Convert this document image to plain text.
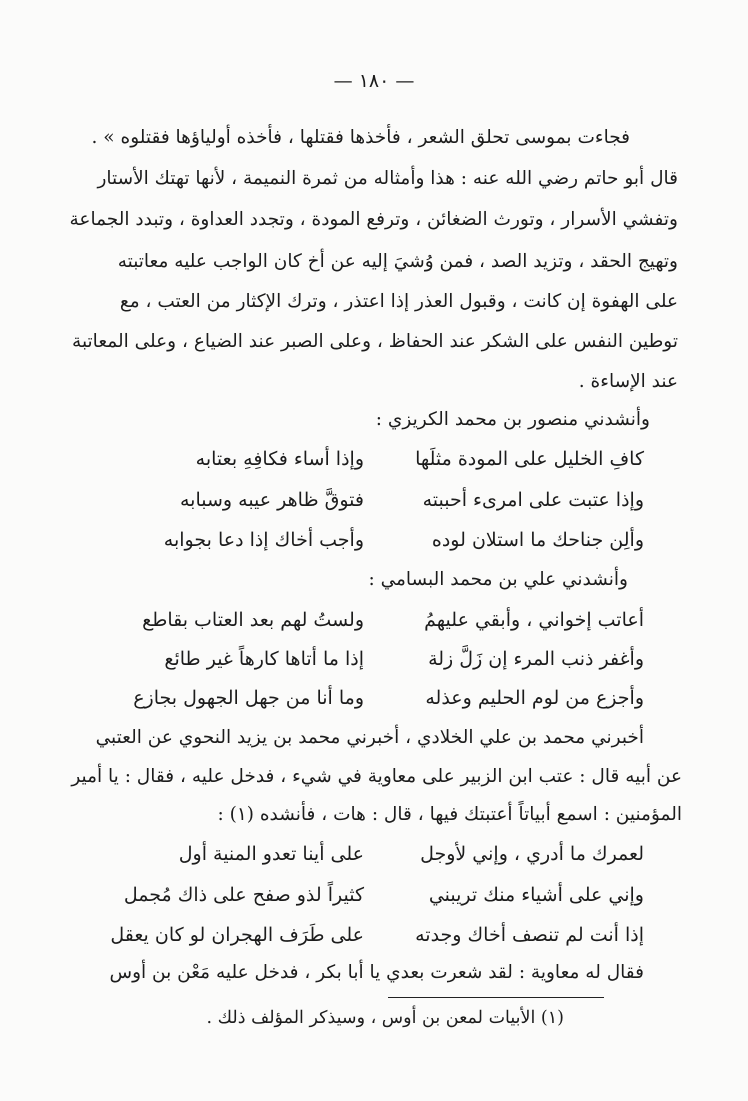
— ١٨٠ —
فجاءت بموسى تحلق الشعر ، فأخذها فقتلها ، فأخذه أولياؤها فقتلوه » .
قال أبو حاتم رضي الله عنه : هذا وأمثاله من ثمرة النميمة ، لأنها تهتك الأستار
وتفشي الأسرار ، وتورث الضغائن ، وترفع المودة ، وتجدد العداوة ، وتبدد الجماعة
وتهيج الحقد ، وتزيد الصد ، فمن وُشيَ إليه عن أخ كان الواجب عليه معاتبته
على الهفوة إن كانت ، وقبول العذر إذا اعتذر ، وترك الإكثار من العتب ، مع
توطين النفس على الشكر عند الحفاظ ، وعلى الصبر عند الضياع ، وعلى المعاتبة
عند الإساءة .
وأنشدني منصور بن محمد الكريزي :
كافِ الخليل على المودة مثلَها
وإذا أساء فكافِهِ بعتابه
وإذا عتبت على امرىء أحببته
فتوقَّ ظاهر عيبه وسبابه
وألِن جناحك ما استلان لوده
وأجب أخاك إذا دعا بجوابه
وأنشدني علي بن محمد البسامي :
أعاتب إخواني ، وأبقي عليهمُ
ولستُ لهم بعد العتاب بقاطع
وأغفر ذنب المرء إن زَلَّ زلة
إذا ما أتاها كارهاً غير طائع
وأجزع من لوم الحليم وعذله
وما أنا من جهل الجهول بجازع
أخبرني محمد بن علي الخلادي ، أخبرني محمد بن يزيد النحوي عن العتبي
عن أبيه قال : عتب ابن الزبير على معاوية في شيء ، فدخل عليه ، فقال : يا أمير
المؤمنين : اسمع أبياتاً أعتبتك فيها ، قال : هات ، فأنشده (١) :
لعمرك ما أدري ، وإني لأوجل
على أينا تعدو المنية أول
وإني على أشياء منك تريبني
كثيراً لذو صفح على ذاك مُجمل
إذا أنت لم تنصف أخاك وجدته
على طَرَف الهجران لو كان يعقل
فقال له معاوية : لقد شعرت بعدي يا أبا بكر ، فدخل عليه مَعْن بن أوس
(١) الأبيات لمعن بن أوس ، وسيذكر المؤلف ذلك .
